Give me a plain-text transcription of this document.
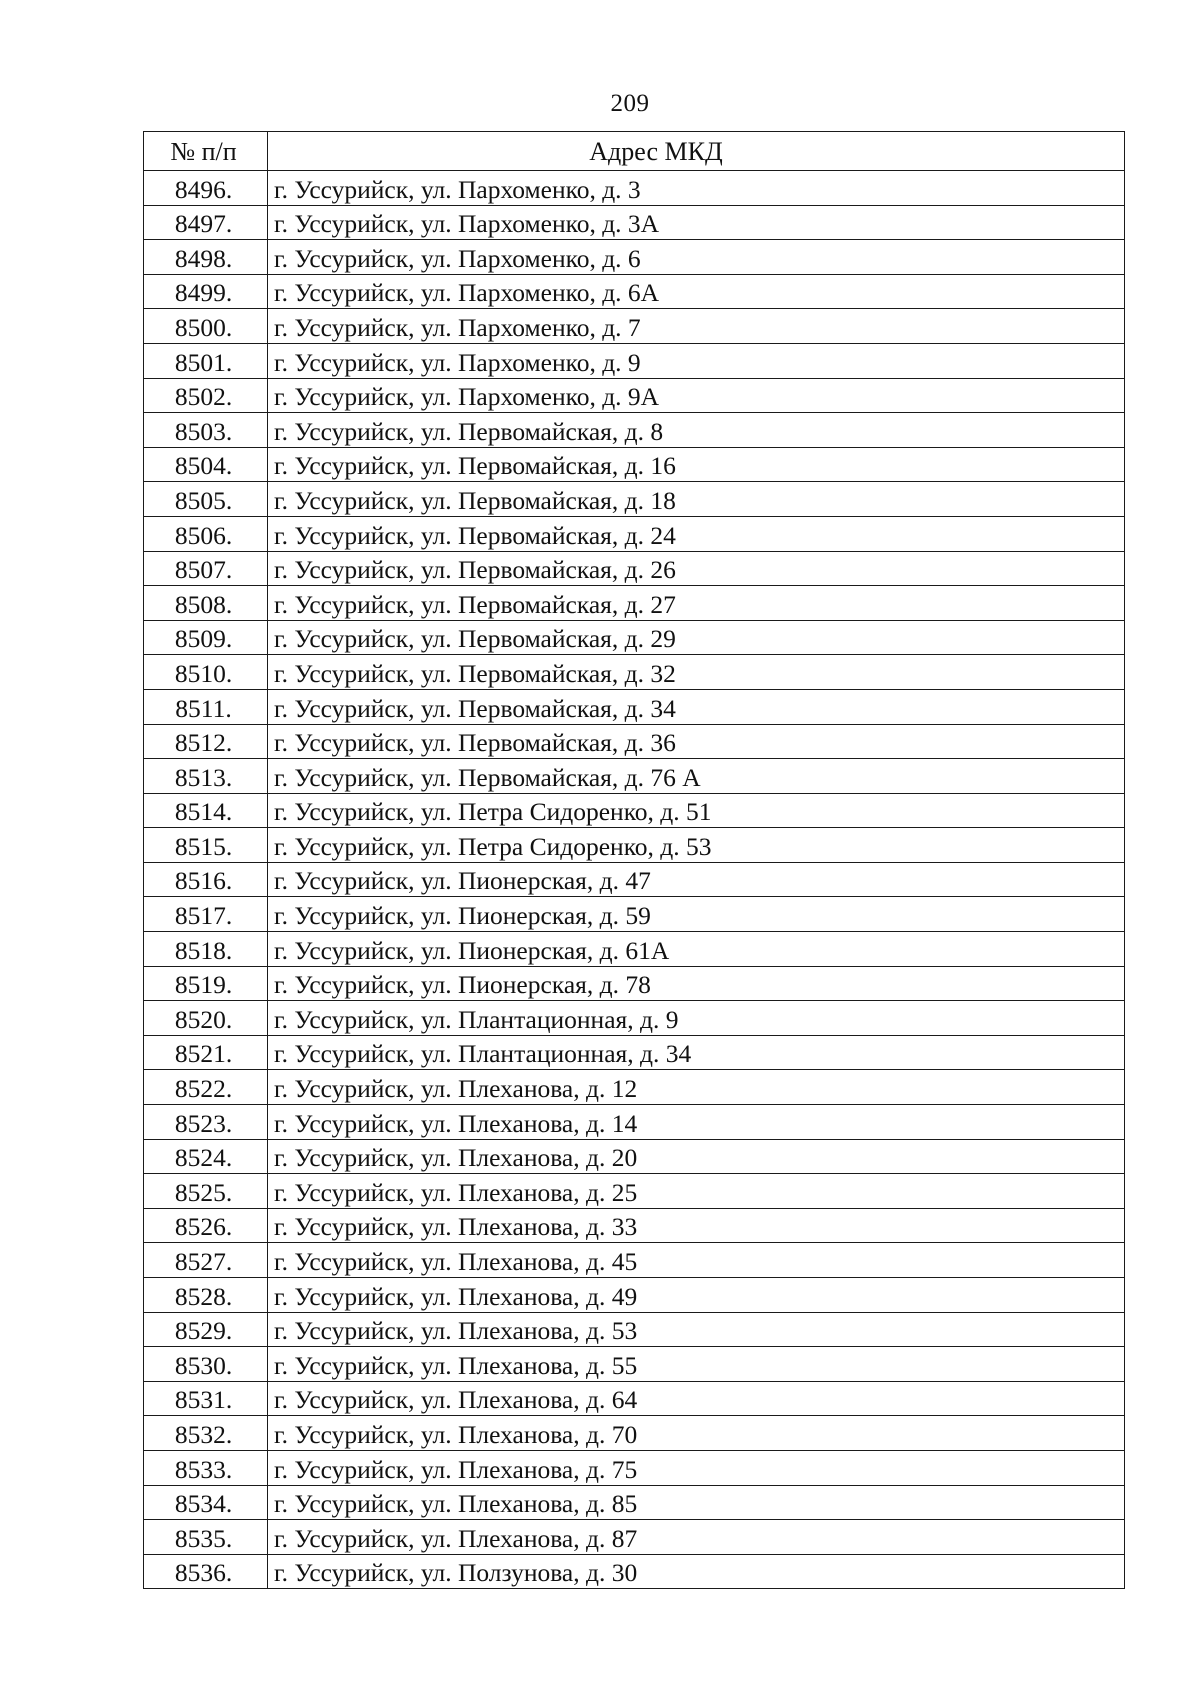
209
№ п/п	Адрес МКД
8496.	г. Уссурийск, ул. Пархоменко, д. 3
8497.	г. Уссурийск, ул. Пархоменко, д. 3А
8498.	г. Уссурийск, ул. Пархоменко, д. 6
8499.	г. Уссурийск, ул. Пархоменко, д. 6А
8500.	г. Уссурийск, ул. Пархоменко, д. 7
8501.	г. Уссурийск, ул. Пархоменко, д. 9
8502.	г. Уссурийск, ул. Пархоменко, д. 9А
8503.	г. Уссурийск, ул. Первомайская, д. 8
8504.	г. Уссурийск, ул. Первомайская, д. 16
8505.	г. Уссурийск, ул. Первомайская, д. 18
8506.	г. Уссурийск, ул. Первомайская, д. 24
8507.	г. Уссурийск, ул. Первомайская, д. 26
8508.	г. Уссурийск, ул. Первомайская, д. 27
8509.	г. Уссурийск, ул. Первомайская, д. 29
8510.	г. Уссурийск, ул. Первомайская, д. 32
8511.	г. Уссурийск, ул. Первомайская, д. 34
8512.	г. Уссурийск, ул. Первомайская, д. 36
8513.	г. Уссурийск, ул. Первомайская, д. 76 А
8514.	г. Уссурийск, ул. Петра Сидоренко, д. 51
8515.	г. Уссурийск, ул. Петра Сидоренко, д. 53
8516.	г. Уссурийск, ул. Пионерская, д. 47
8517.	г. Уссурийск, ул. Пионерская, д. 59
8518.	г. Уссурийск, ул. Пионерская, д. 61А
8519.	г. Уссурийск, ул. Пионерская, д. 78
8520.	г. Уссурийск, ул. Плантационная, д. 9
8521.	г. Уссурийск, ул. Плантационная, д. 34
8522.	г. Уссурийск, ул. Плеханова, д. 12
8523.	г. Уссурийск, ул. Плеханова, д. 14
8524.	г. Уссурийск, ул. Плеханова, д. 20
8525.	г. Уссурийск, ул. Плеханова, д. 25
8526.	г. Уссурийск, ул. Плеханова, д. 33
8527.	г. Уссурийск, ул. Плеханова, д. 45
8528.	г. Уссурийск, ул. Плеханова, д. 49
8529.	г. Уссурийск, ул. Плеханова, д. 53
8530.	г. Уссурийск, ул. Плеханова, д. 55
8531.	г. Уссурийск, ул. Плеханова, д. 64
8532.	г. Уссурийск, ул. Плеханова, д. 70
8533.	г. Уссурийск, ул. Плеханова, д. 75
8534.	г. Уссурийск, ул. Плеханова, д. 85
8535.	г. Уссурийск, ул. Плеханова, д. 87
8536.	г. Уссурийск, ул. Ползунова, д. 30
